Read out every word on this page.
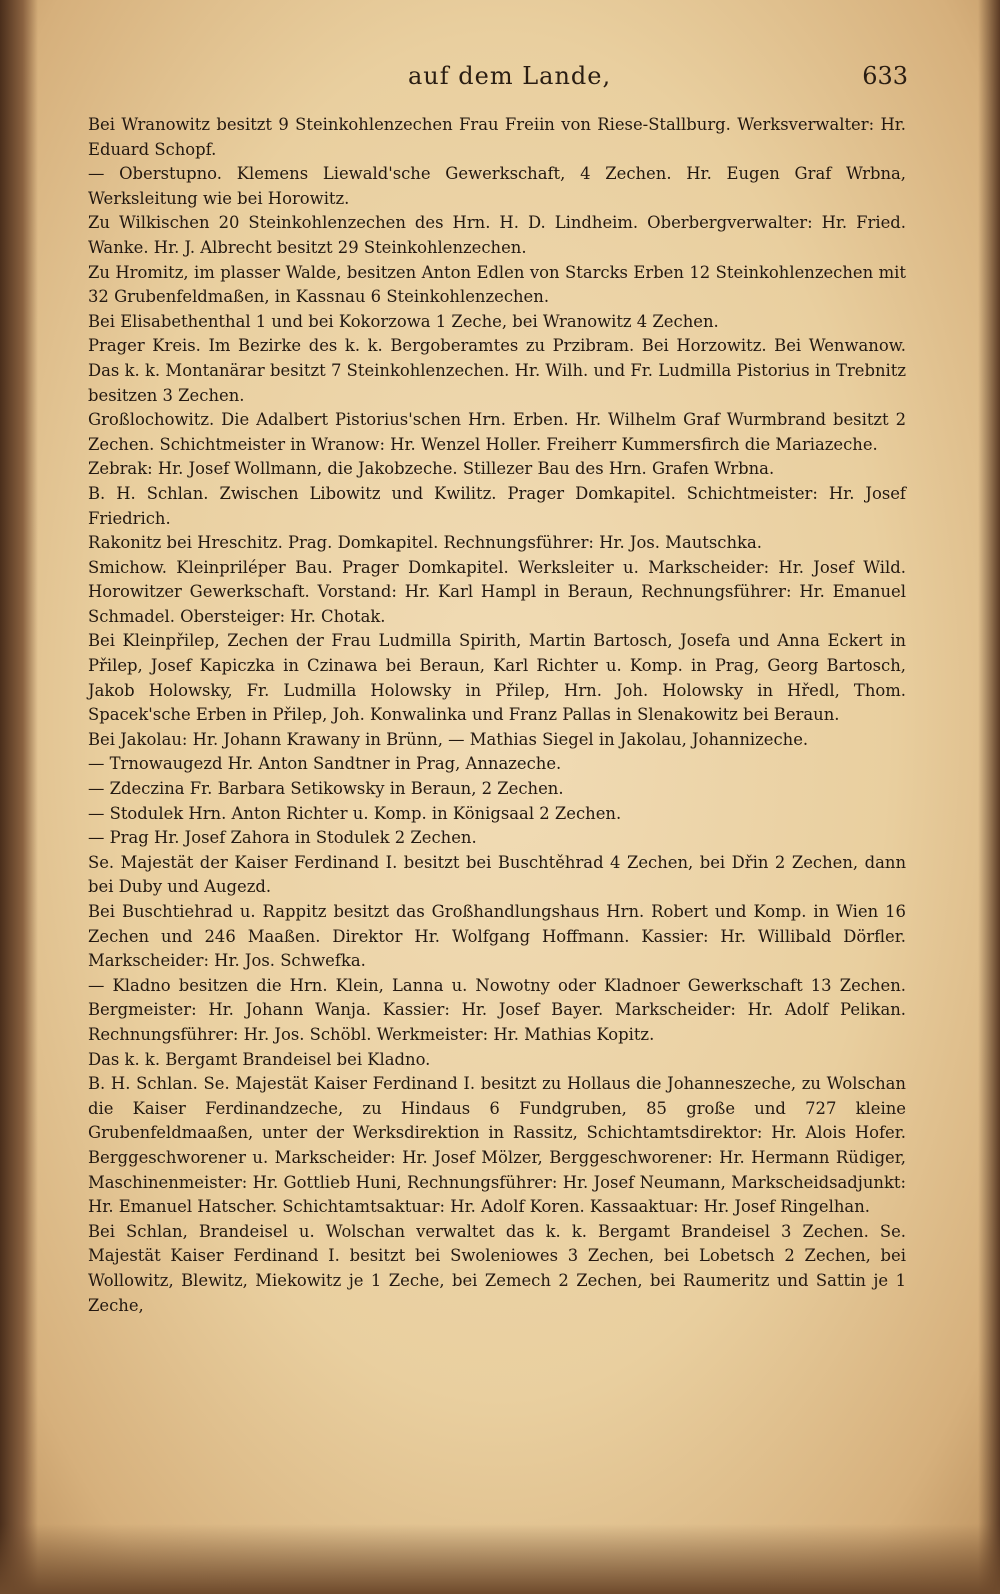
auf dem Lande,	633

Bei Wranowitz besitzt 9 Steinkohlenzechen Frau Freiin von Riese-Stallburg. Werksverwalter: Hr. Eduard Schopf.

— Oberstupno. Klemens Liewald'sche Gewerkschaft, 4 Zechen. Hr. Eugen Graf Wrbna, Werksleitung wie bei Horowitz.

Zu Wilkischen 20 Steinkohlenzechen des Hrn. H. D. Lindheim. Oberbergverwalter: Hr. Fried. Wanke. Hr. J. Albrecht besitzt 29 Steinkohlenzechen.

Zu Hromitz, im plasser Walde, besitzen Anton Edlen von Starcks Erben 12 Steinkohlenzechen mit 32 Grubenfeldmaßen, in Kassnau 6 Steinkohlenzechen.

Bei Elisabethenthal 1 und bei Kokorzowa 1 Zeche, bei Wranowitz 4 Zechen.

Prager Kreis. Im Bezirke des k. k. Bergoberamtes zu Przibram. Bei Horzowitz. Bei Wenwanow. Das k. k. Montanärar besitzt 7 Steinkohlenzechen. Hr. Wilh. und Fr. Ludmilla Pistorius in Trebnitz besitzen 3 Zechen.

Großlochowitz. Die Adalbert Pistorius'schen Hrn. Erben. Hr. Wilhelm Graf Wurmbrand besitzt 2 Zechen. Schichtmeister in Wranow: Hr. Wenzel Holler. Freiherr Kummersfirch die Mariazeche.

Zebrak: Hr. Josef Wollmann, die Jakobzeche. Stillezer Bau des Hrn. Grafen Wrbna.

B. H. Schlan. Zwischen Libowitz und Kwilitz. Prager Domkapitel. Schichtmeister: Hr. Josef Friedrich.

Rakonitz bei Hreschitz. Prag. Domkapitel. Rechnungsführer: Hr. Jos. Mautschka.

Smichow. Kleinpriléper Bau. Prager Domkapitel. Werksleiter u. Markscheider: Hr. Josef Wild. Horowitzer Gewerkschaft. Vorstand: Hr. Karl Hampl in Beraun, Rechnungsführer: Hr. Emanuel Schmadel. Obersteiger: Hr. Chotak.

Bei Kleinpřilep, Zechen der Frau Ludmilla Spirith, Martin Bartosch, Josefa und Anna Eckert in Přilep, Josef Kapiczka in Czinawa bei Beraun, Karl Richter u. Komp. in Prag, Georg Bartosch, Jakob Holowsky, Fr. Ludmilla Holowsky in Přilep, Hrn. Joh. Holowsky in Hředl, Thom. Spacek'sche Erben in Přilep, Joh. Konwalinka und Franz Pallas in Slenakowitz bei Beraun.

Bei Jakolau: Hr. Johann Krawany in Brünn, — Mathias Siegel in Jakolau, Johannizeche.

— Trnowaugezd Hr. Anton Sandtner in Prag, Annazeche.

— Zdeczina Fr. Barbara Setikowsky in Beraun, 2 Zechen.

— Stodulek Hrn. Anton Richter u. Komp. in Königsaal 2 Zechen.

— Prag Hr. Josef Zahora in Stodulek 2 Zechen.

Se. Majestät der Kaiser Ferdinand I. besitzt bei Buschtěhrad 4 Zechen, bei Dřin 2 Zechen, dann bei Duby und Augezd.

Bei Buschtiehrad u. Rappitz besitzt das Großhandlungshaus Hrn. Robert und Komp. in Wien 16 Zechen und 246 Maaßen. Direktor Hr. Wolfgang Hoffmann. Kassier: Hr. Willibald Dörfler. Markscheider: Hr. Jos. Schwefka.

— Kladno besitzen die Hrn. Klein, Lanna u. Nowotny oder Kladnoer Gewerkschaft 13 Zechen. Bergmeister: Hr. Johann Wanja. Kassier: Hr. Josef Bayer. Markscheider: Hr. Adolf Pelikan. Rechnungsführer: Hr. Jos. Schöbl. Werkmeister: Hr. Mathias Kopitz.

Das k. k. Bergamt Brandeisel bei Kladno.

B. H. Schlan. Se. Majestät Kaiser Ferdinand I. besitzt zu Hollaus die Johanneszeche, zu Wolschan die Kaiser Ferdinandzeche, zu Hindaus 6 Fundgruben, 85 große und 727 kleine Grubenfeldmaaßen, unter der Werksdirektion in Rassitz, Schichtamtsdirektor: Hr. Alois Hofer. Berggeschworener u. Markscheider: Hr. Josef Mölzer, Berggeschworener: Hr. Hermann Rüdiger, Maschinenmeister: Hr. Gottlieb Huni, Rechnungsführer: Hr. Josef Neumann, Markscheidsadjunkt: Hr. Emanuel Hatscher. Schichtamtsaktuar: Hr. Adolf Koren. Kassaaktuar: Hr. Josef Ringelhan.

Bei Schlan, Brandeisel u. Wolschan verwaltet das k. k. Bergamt Brandeisel 3 Zechen. Se. Majestät Kaiser Ferdinand I. besitzt bei Swoleniowes 3 Zechen, bei Lobetsch 2 Zechen, bei Wollowitz, Blewitz, Miekowitz je 1 Zeche, bei Zemech 2 Zechen, bei Raumeritz und Sattin je 1 Zeche,
